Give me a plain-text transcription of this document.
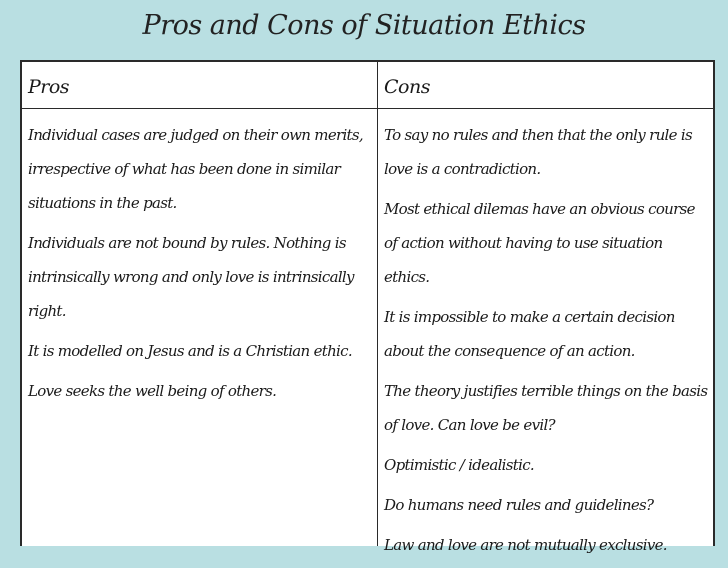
Pros and Cons of Situation Ethics
Pros	Cons

Individual cases are judged on their own merits, irrespective of what has been done in similar situations in the past.

Individuals are not bound by rules. Nothing is intrinsically wrong and only love is intrinsically right.

It is modelled on Jesus and is a Christian ethic.

Love seeks the well being of others.

To say no rules and then that the only rule is love is a contradiction.

Most ethical dilemas have an obvious course of action without having to use situation ethics.

It is impossible to make a certain decision about the consequence of an action.

The theory justifies terrible things on the basis of love. Can love be evil?

Optimistic / idealistic.

Do humans need rules and guidelines?

Law and love are not mutually exclusive.
